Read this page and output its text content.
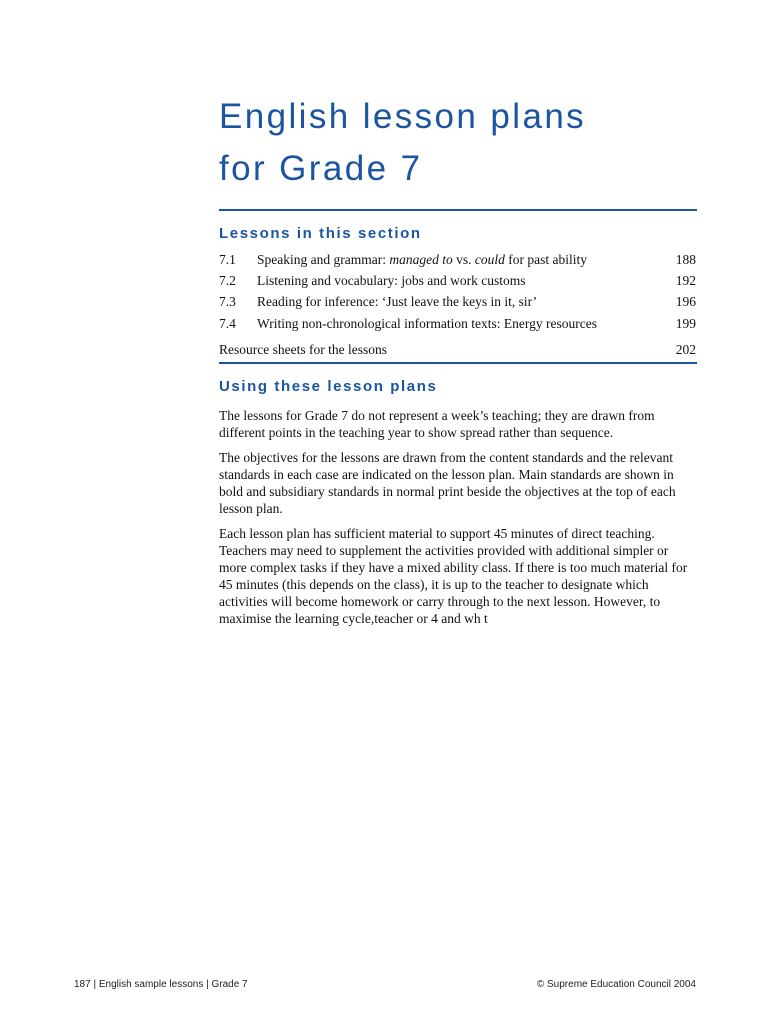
English lesson plans
for Grade 7
Lessons in this section
7.1 Speaking and grammar: managed to vs. could for past ability	188
7.2 Listening and vocabulary: jobs and work customs	192
7.3 Reading for inference: ‘Just leave the keys in it, sir’	196
7.4 Writing non-chronological information texts: Energy resources	199
Resource sheets for the lessons	202
Using these lesson plans

The lessons for Grade 7 do not represent a week’s teaching; they are drawn from different points in the teaching year to show spread rather than sequence.

The objectives for the lessons are drawn from the content standards and the relevant standards in each case are indicated on the lesson plan. Main standards are shown in bold and subsidiary standards in normal print beside the objectives at the top of each lesson plan.

Each lesson plan has sufficient material to support 45 minutes of direct teaching. Teachers may need to supplement the activities provided with additional simpler or more complex tasks if they have a mixed ability class. If there is too much material for 45 minutes (this depends on the class), it is up to the teacher to designate which activities will become homework or carry through to the next lesson. However, to maximise the learning cycle,teacher or 4 and wh t

187 | English sample lessons | Grade 7	© Supreme Education Council 2004
